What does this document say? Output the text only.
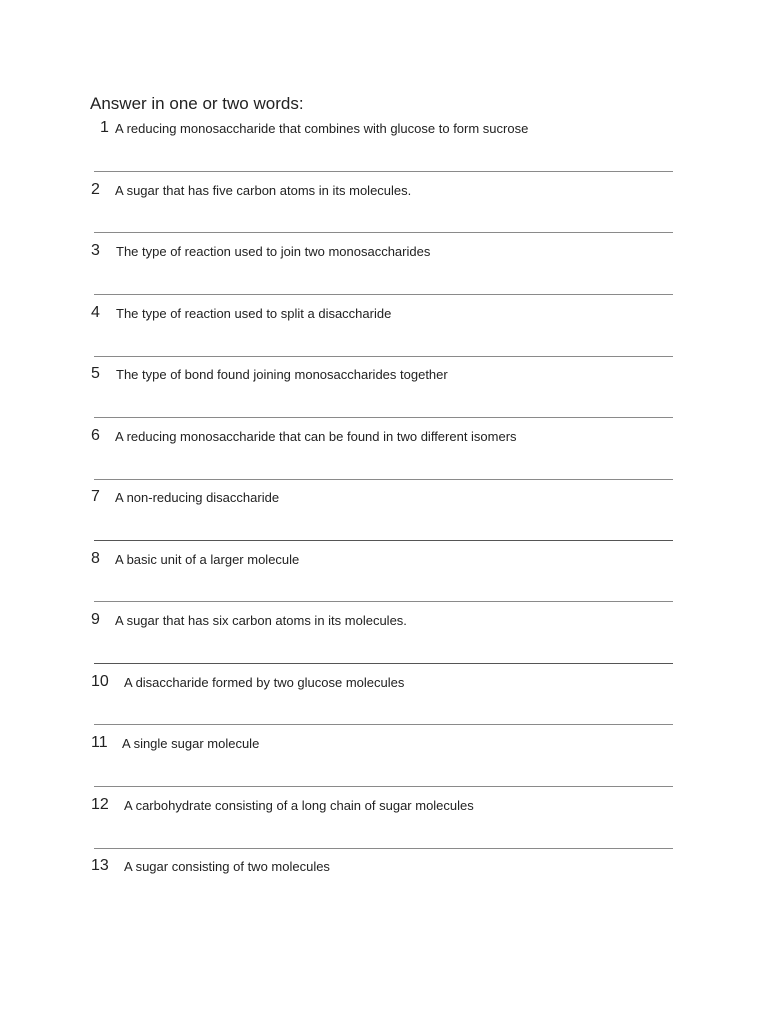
Answer in one or two words:
1 A reducing monosaccharide that combines with glucose to form sucrose
2 A sugar that has five carbon atoms in its molecules.
3 The type of reaction used to join two monosaccharides
4 The type of reaction used to split a disaccharide
5 The type of bond found joining monosaccharides together
6 A reducing monosaccharide that can be found in two different isomers
7 A non-reducing disaccharide
8 A basic unit of a larger molecule
9 A sugar that has six carbon atoms in its molecules.
10 A disaccharide formed by two glucose molecules
11 A single sugar molecule
12 A carbohydrate consisting of a long chain of sugar molecules
13 A sugar consisting of two molecules
